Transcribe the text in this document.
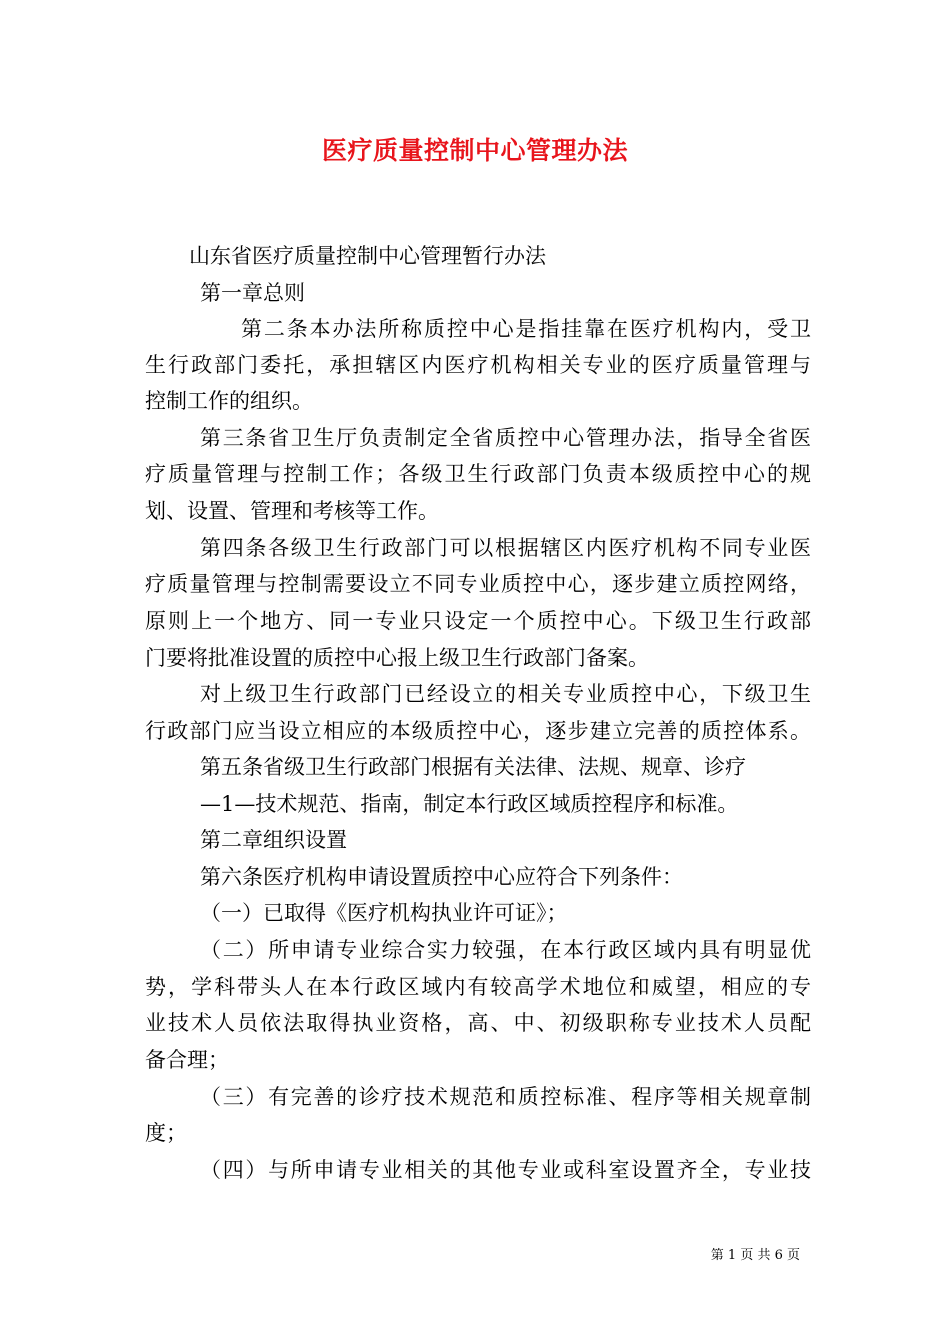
医疗质量控制中心管理办法
山东省医疗质量控制中心管理暂行办法
第一章总则
第二条本办法所称质控中心是指挂靠在医疗机构内，受卫
生行政部门委托，承担辖区内医疗机构相关专业的医疗质量管理与
控制工作的组织。
第三条省卫生厅负责制定全省质控中心管理办法，指导全省医
疗质量管理与控制工作；各级卫生行政部门负责本级质控中心的规
划、设置、管理和考核等工作。
第四条各级卫生行政部门可以根据辖区内医疗机构不同专业医
疗质量管理与控制需要设立不同专业质控中心，逐步建立质控网络，
原则上一个地方、同一专业只设定一个质控中心。下级卫生行政部
门要将批准设置的质控中心报上级卫生行政部门备案。
对上级卫生行政部门已经设立的相关专业质控中心，下级卫生
行政部门应当设立相应的本级质控中心，逐步建立完善的质控体系。
第五条省级卫生行政部门根据有关法律、法规、规章、诊疗
—1—技术规范、指南，制定本行政区域质控程序和标准。
第二章组织设置
第六条医疗机构申请设置质控中心应符合下列条件：
（一）已取得《医疗机构执业许可证》；
（二）所申请专业综合实力较强，在本行政区域内具有明显优
势，学科带头人在本行政区域内有较高学术地位和威望，相应的专
业技术人员依法取得执业资格，高、中、初级职称专业技术人员配
备合理；
（三）有完善的诊疗技术规范和质控标准、程序等相关规章制
度；
（四）与所申请专业相关的其他专业或科室设置齐全，专业技
第 1 页 共 6 页
